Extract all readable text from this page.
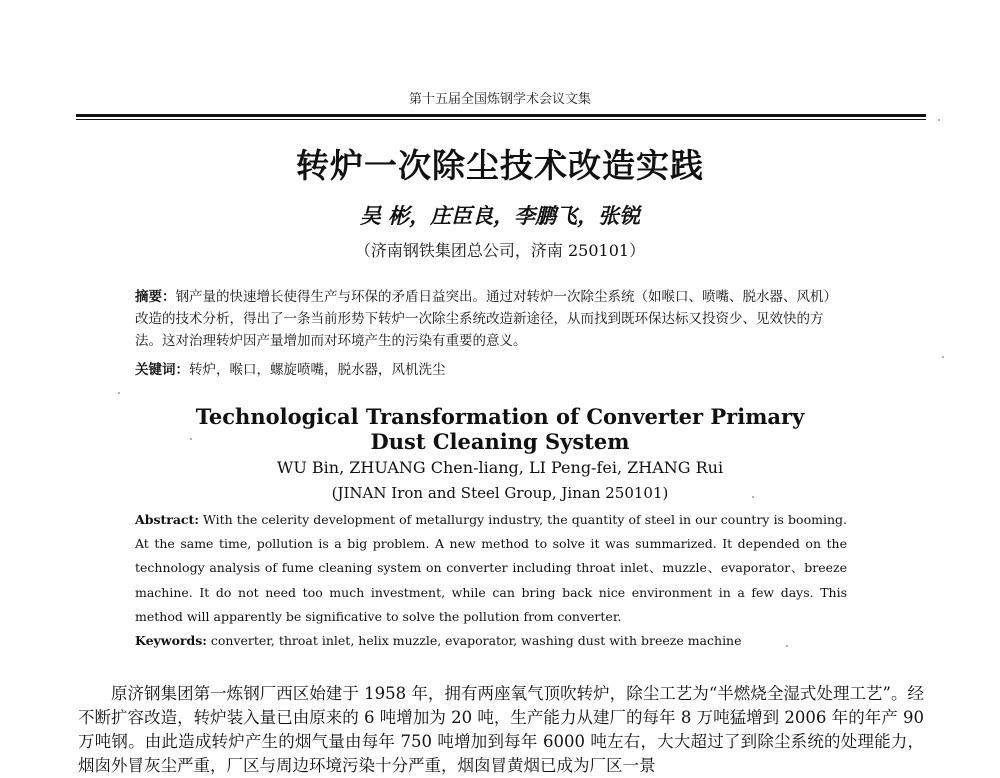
第十五届全国炼钢学术会议文集
转炉一次除尘技术改造实践
吴 彬，庄臣良，李鹏飞，张锐
（济南钢铁集团总公司，济南 250101）
摘要：钢产量的快速增长使得生产与环保的矛盾日益突出。通过对转炉一次除尘系统（如喉口、喷嘴、脱水器、风机）改造的技术分析，得出了一条当前形势下转炉一次除尘系统改造新途径，从而找到既环保达标又投资少、见效快的方法。这对治理转炉因产量增加而对环境产生的污染有重要的意义。
关键词：转炉，喉口，螺旋喷嘴，脱水器，风机洗尘
Technological Transformation of Converter Primary
Dust Cleaning System
WU Bin, ZHUANG Chen-liang, LI Peng-fei, ZHANG Rui
(JINAN Iron and Steel Group, Jinan 250101)
Abstract: With the celerity development of metallurgy industry, the quantity of steel in our country is booming. At the same time, pollution is a big problem. A new method to solve it was summarized. It depended on the technology analysis of fume cleaning system on converter including throat inlet、muzzle、evaporator、breeze machine. It do not need too much investment, while can bring back nice environment in a few days. This method will apparently be significative to solve the pollution from converter.
Keywords: converter, throat inlet, helix muzzle, evaporator, washing dust with breeze machine
原济钢集团第一炼钢厂西区始建于 1958 年，拥有两座氧气顶吹转炉，除尘工艺为“半燃烧全湿式处理工艺”。经不断扩容改造，转炉装入量已由原来的 6 吨增加为 20 吨，生产能力从建厂的每年 8 万吨猛增到 2006 年的年产 90 万吨钢。由此造成转炉产生的烟气量由每年 750 吨增加到每年 6000 吨左右，大大超过了到除尘系统的处理能力，烟囱外冒灰尘严重，厂区与周边环境污染十分严重，烟囱冒黄烟已成为厂区一景
